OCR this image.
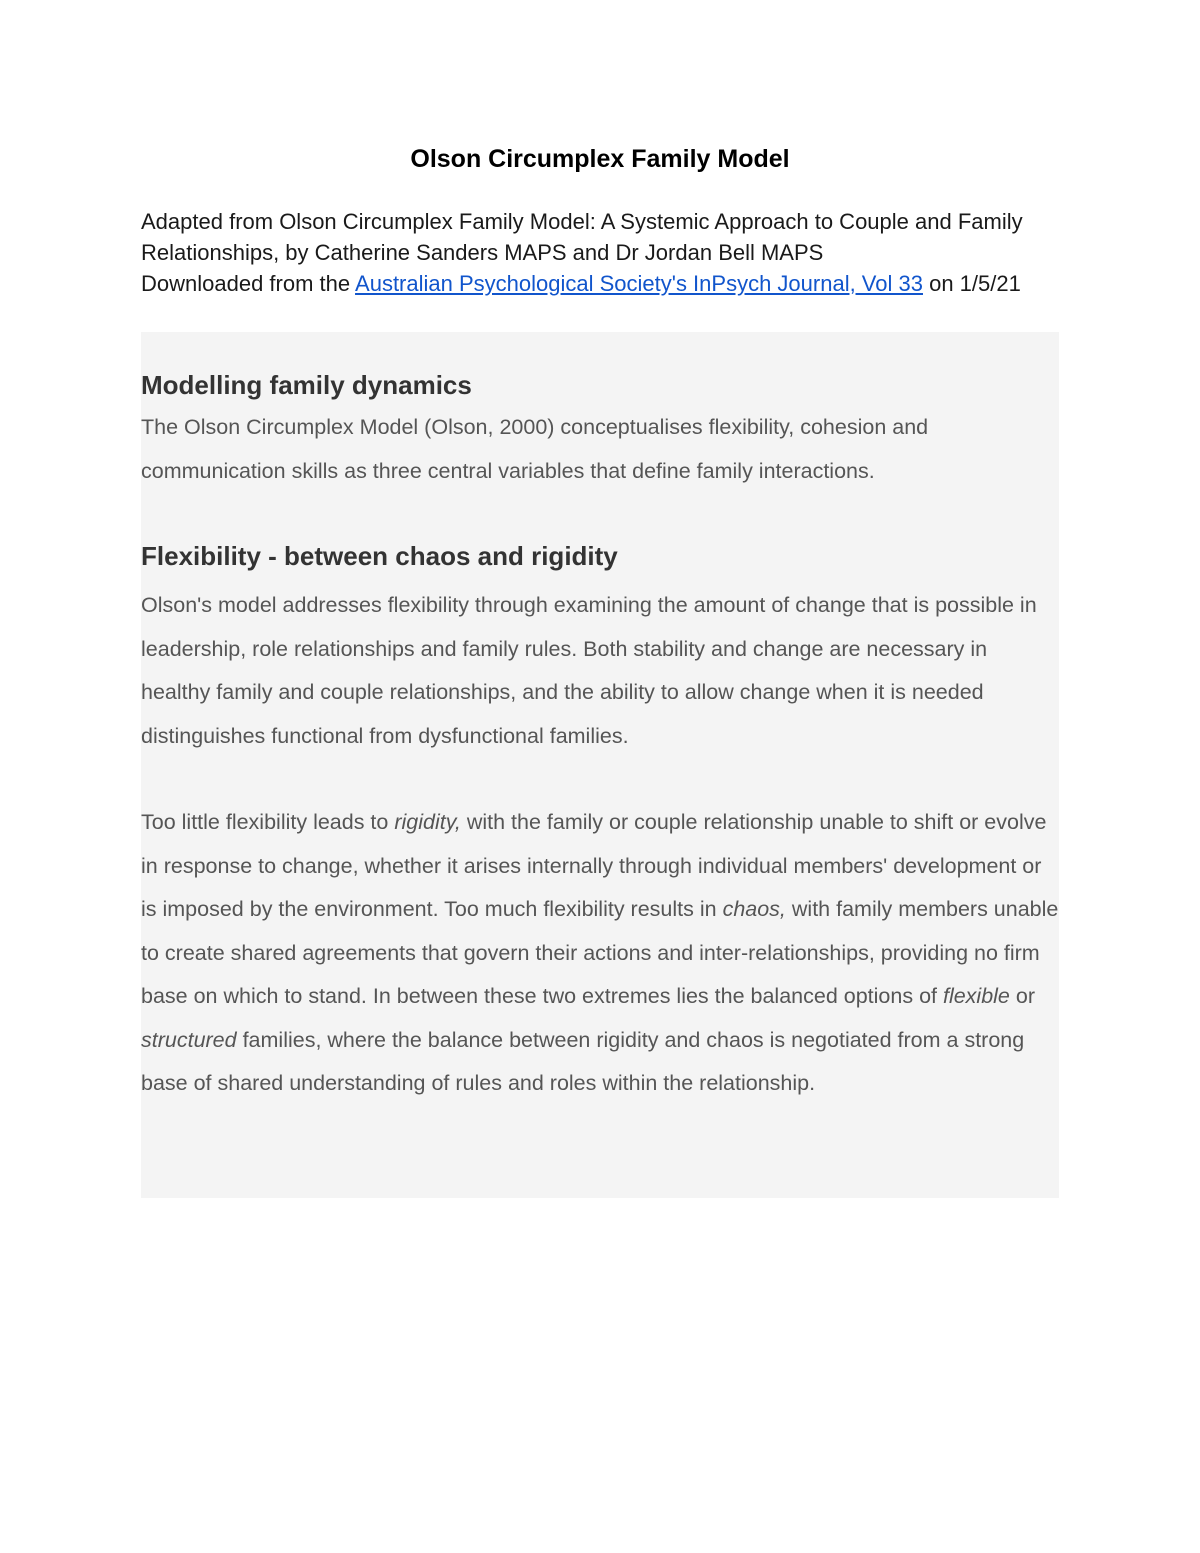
Olson Circumplex Family Model

Adapted from Olson Circumplex Family Model: A Systemic Approach to Couple and Family Relationships, by Catherine Sanders MAPS and Dr Jordan Bell MAPS
Downloaded from the Australian Psychological Society's InPsych Journal, Vol 33 on 1/5/21

Modelling family dynamics

The Olson Circumplex Model (Olson, 2000) conceptualises flexibility, cohesion and communication skills as three central variables that define family interactions.

Flexibility - between chaos and rigidity

Olson's model addresses flexibility through examining the amount of change that is possible in leadership, role relationships and family rules. Both stability and change are necessary in healthy family and couple relationships, and the ability to allow change when it is needed distinguishes functional from dysfunctional families.

Too little flexibility leads to rigidity, with the family or couple relationship unable to shift or evolve in response to change, whether it arises internally through individual members' development or is imposed by the environment. Too much flexibility results in chaos, with family members unable to create shared agreements that govern their actions and inter-relationships, providing no firm base on which to stand. In between these two extremes lies the balanced options of flexible or structured families, where the balance between rigidity and chaos is negotiated from a strong base of shared understanding of rules and roles within the relationship.
